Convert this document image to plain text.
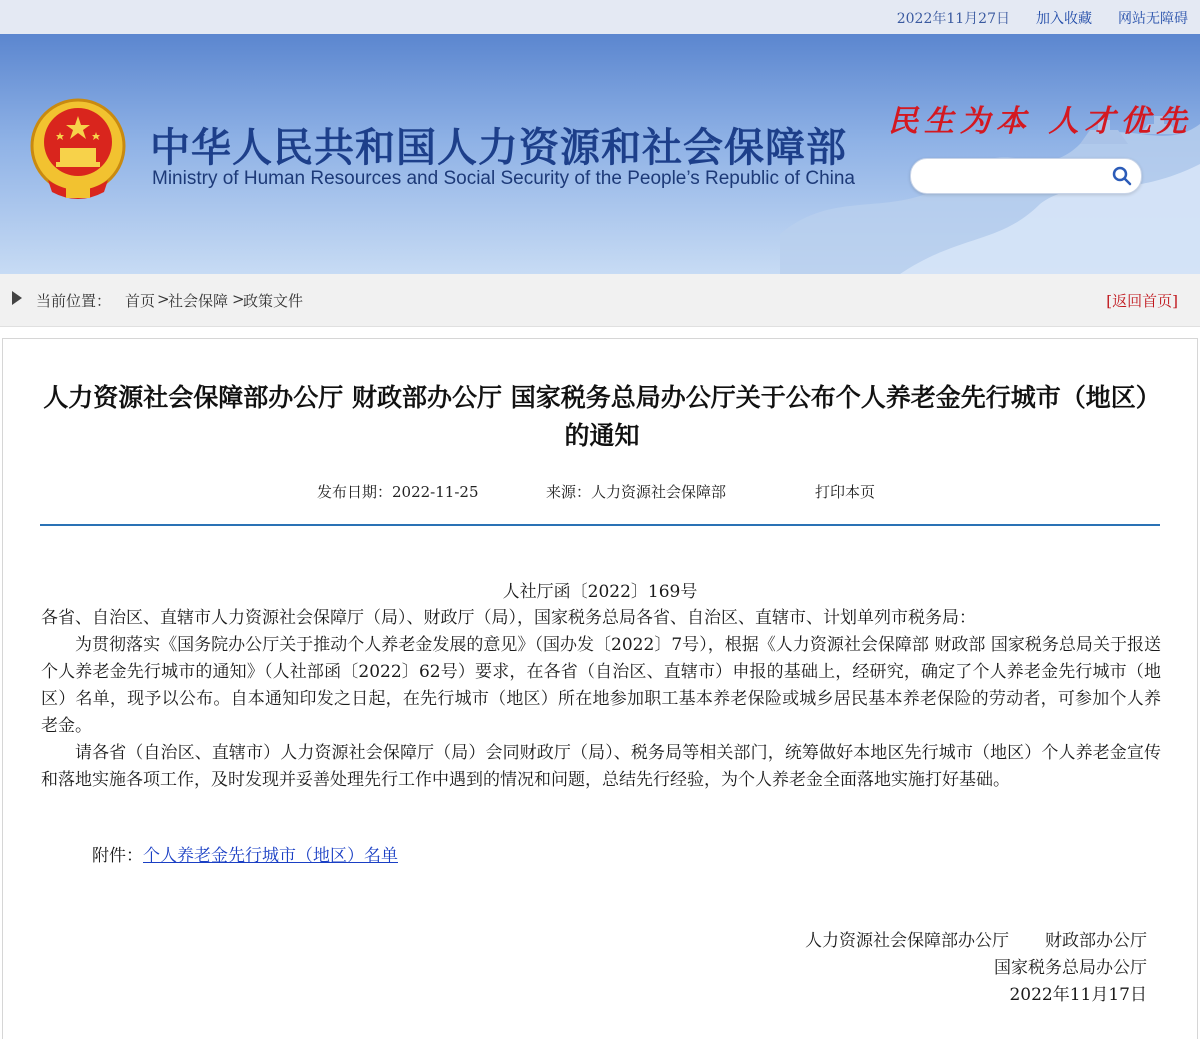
2022年11月27日 加入收藏 网站无障碍
中华人民共和国人力资源和社会保障部
Ministry of Human Resources and Social Security of the People’s Republic of China
民生为本 人才优先
当前位置： 首页 >
社会保障 >
政策文件	[返回首页]
人力资源社会保障部办公厅 财政部办公厅 国家税务总局办公厅关于公布个人养老金先行城市（地区）的通知
发布日期：2022-11-25	来源：人力资源社会保障部	打印本页
人社厅函〔2022〕169号

各省、自治区、直辖市人力资源社会保障厅（局）、财政厅（局），国家税务总局各省、自治区、直辖市、计划单列市税务局：

为贯彻落实《国务院办公厅关于推动个人养老金发展的意见》（国办发〔2022〕7号），根据《人力资源社会保障部 财政部 国家税务总局关于报送个人养老金先行城市的通知》（人社部函〔2022〕62号）要求，在各省（自治区、直辖市）申报的基础上，经研究，确定了个人养老金先行城市（地区）名单，现予以公布。自本通知印发之日起，在先行城市（地区）所在地参加职工基本养老保险或城乡居民基本养老保险的劳动者，可参加个人养老金。

请各省（自治区、直辖市）人力资源社会保障厅（局）会同财政厅（局）、税务局等相关部门，统筹做好本地区先行城市（地区）个人养老金宣传和落地实施各项工作，及时发现并妥善处理先行工作中遇到的情况和问题，总结先行经验，为个人养老金全面落地实施打好基础。

附件：个人养老金先行城市（地区）名单
人力资源社会保障部办公厅 财政部办公厅
国家税务总局办公厅
2022年11月17日
